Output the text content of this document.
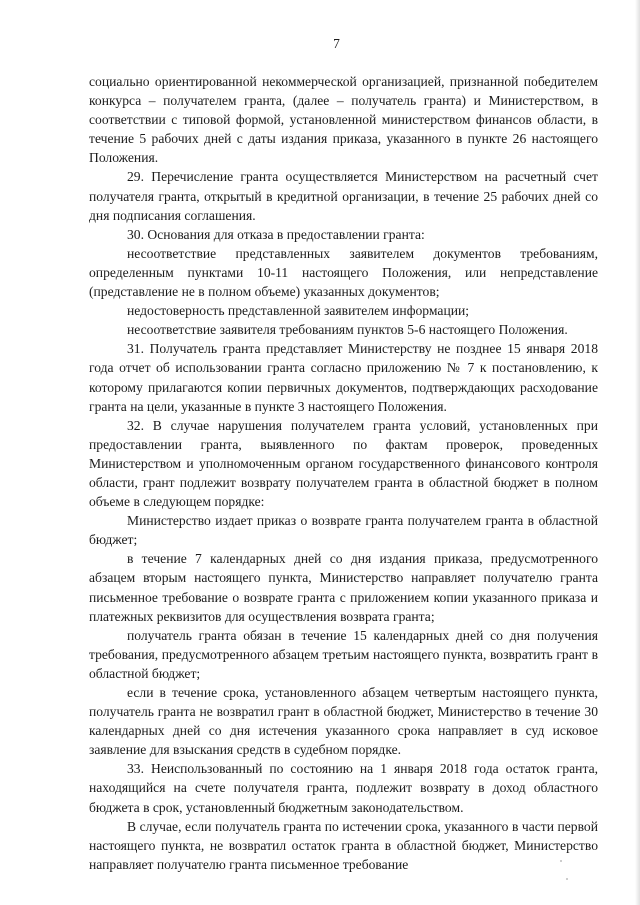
7

социально ориентированной некоммерческой организацией, признанной победителем конкурса – получателем гранта, (далее – получатель гранта) и Министерством, в соответствии с типовой формой, установленной министерством финансов области, в течение 5 рабочих дней с даты издания приказа, указанного в пункте 26 настоящего Положения.

29. Перечисление гранта осуществляется Министерством на расчетный счет получателя гранта, открытый в кредитной организации, в течение 25 рабочих дней со дня подписания соглашения.

30. Основания для отказа в предоставлении гранта:

несоответствие представленных заявителем документов требованиям, определенным пунктами 10-11 настоящего Положения, или непредставление (представление не в полном объеме) указанных документов;

недостоверность представленной заявителем информации;

несоответствие заявителя требованиям пунктов 5-6 настоящего Положения.

31. Получатель гранта представляет Министерству не позднее 15 января 2018 года отчет об использовании гранта согласно приложению № 7 к постановлению, к которому прилагаются копии первичных документов, подтверждающих расходование гранта на цели, указанные в пункте 3 настоящего Положения.

32. В случае нарушения получателем гранта условий, установленных при предоставлении гранта, выявленного по фактам проверок, проведенных Министерством и уполномоченным органом государственного финансового контроля области, грант подлежит возврату получателем гранта в областной бюджет в полном объеме в следующем порядке:

Министерство издает приказ о возврате гранта получателем гранта в областной бюджет;

в течение 7 календарных дней со дня издания приказа, предусмотренного абзацем вторым настоящего пункта, Министерство направляет получателю гранта письменное требование о возврате гранта с приложением копии указанного приказа и платежных реквизитов для осуществления возврата гранта;

получатель гранта обязан в течение 15 календарных дней со дня получения требования, предусмотренного абзацем третьим настоящего пункта, возвратить грант в областной бюджет;

если в течение срока, установленного абзацем четвертым настоящего пункта, получатель гранта не возвратил грант в областной бюджет, Министерство в течение 30 календарных дней со дня истечения указанного срока направляет в суд исковое заявление для взыскания средств в судебном порядке.

33. Неиспользованный по состоянию на 1 января 2018 года остаток гранта, находящийся на счете получателя гранта, подлежит возврату в доход областного бюджета в срок, установленный бюджетным законодательством.

В случае, если получатель гранта по истечении срока, указанного в части первой настоящего пункта, не возвратил остаток гранта в областной бюджет, Министерство направляет получателю гранта письменное требование
